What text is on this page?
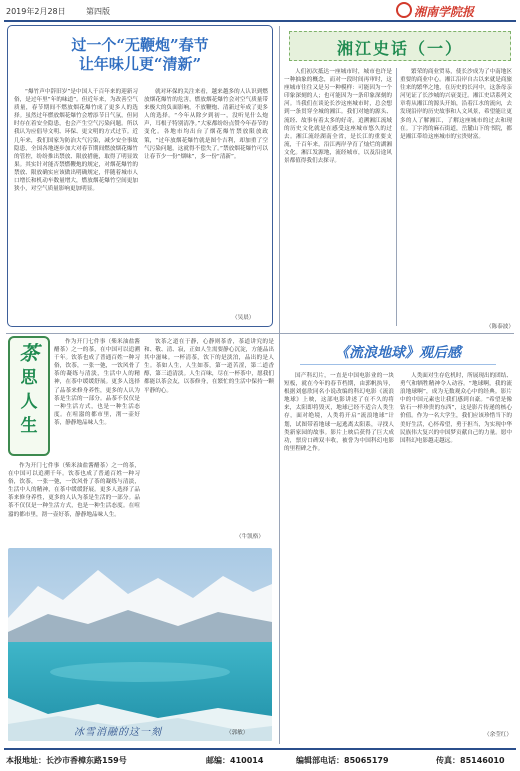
2019年2月28日	第四版	湘南学院报
过一个“无鞭炮”春节
让年味儿更“清新”

“爆竹声中辞旧岁”是中国人千百年来的迎新习俗，是过年里“年的味道”。但近年来，为改善空气质量，春节期间不燃放烟花爆竹成了更多人的选择。虽然过年燃放烟花爆竹会增添节日气氛，但同时存在着安全隐患，也会产生空气污染问题。所以我认为应倡导文明、环保、更文明的方式过节。近几年来，我们国家为防治大气污染，减少安全事故隐患，全国各地逐步加大对春节期间燃放烟花爆竹的管控，纷纷推出禁放、限放措施，取得了明显效果。其实针对能否禁燃鞭炮的规定，对烟花爆竹的禁放、限放确实应该做出明确规定，伴随着城市人口增长和机动车数量增大，燃放烟花爆竹空间更加狭小，对空气质量影响更加明显。

就对环保的关注来看，越来越多的人认识到燃放烟花爆竹的危害，燃放烟花爆竹会对空气质量带来极大的负面影响，不放鞭炮、清新过年成了更多人的选择。“今年从除夕到初一，没听见什么炮声，耳根子特别清净。”大家都纷纷点赞今年春节的变化。各地市均出台了烟花爆竹禁放限放政策，“过年放烟花爆竹就是图个吉利，却加重了空气污染问题，这就得不偿失了。”禁放烟花爆竹可以让春节少一份“烟味”，多一份“清新”。

（吴晨）
湘江史话（一）

人们初次抵达一座城市时，城市也许是一种抽象的概念，而对一段时间再审时，这座城市往往又是另一种模样：可能因为一个印象深刻的人；也可能因为一条印象深刻的河。当我们在谈论长沙这座城市时，总会想到一条贯穿全城的湘江。我们对她的源头、流经、故事有着太多的好奇。追溯湘江流域的历史文化就是在感受这座城市悠久的过去。湘江流经湖南全省，是长江的重要支流，千百年来，沿江两岸孕育了灿烂的湖湘文化。湘江发源地，流经城市，以及沿途风景都值得我们去探寻。

繁荣的商业贸易，使长沙成为了中南地区重要的商业中心。湘江沿岸自古以来就是商旅往来的繁华之地，在历史的长河中，这条母亲河见证了长沙城的兴衰变迁。湘江史话系列文章将从湘江的源头开始，沿着江水的流向，去发现沿岸的历史故事和人文风景，希望能让更多的人了解湘江，了解这座城市的过去和现在。丁字湾的麻石街道，岳麓山下的书院，都是湘江带给这座城市的宝贵财富。

（陈泰波）
茶
思
人
生

作为开门七件事（柴米油盐酱醋茶）之一的茶，在中国可以追溯千年。饮茶也成了普通百姓一种习俗，饮茶，一张一弛，一饮风骨了茶的凝练与清淡，生活中人的精神，在茶中缓缓舒展。更多人选择了品茶来修身养性，更多的人认为茶是生活的一部分。品茶不仅仅是一种生活方式，也是一种生活态度。在喧嚣的都市里，沏一壶好茶，静静地品味人生。

作为开门七件事（柴米油盐酱醋茶）之一的茶，在中国可以追溯千年。饮茶也成了普通百姓一种习俗，饮茶，一张一弛，一饮风骨了茶的凝练与清淡，生活中人的精神，在茶中缓缓舒展。更多人选择了品茶来修身养性，更多的人认为茶是生活的一部分。品茶不仅仅是一种生活方式，也是一种生活态度。在喧嚣的都市里，沏一壶好茶，静静地品味人生。

饮茶之道在于静，心静则茶香，茶道讲究的是和、敬、清、寂，正如人生需要静心沉淀，方能品出其中滋味。一杯清茶，饮下的是淡泊，品出的是人生。茶如人生，人生如茶，第一道苦涩，第二道香醇，第三道清淡。人生百味，尽在一杯茶中，愿我们都能以茶会友，以茶修身，在繁忙的生活中保持一颗平静的心。

（牛凯格）
冰雪消融的这一刻	（郭敏）
《流浪地球》观后感

国产科幻片，一直是中国电影业的一块短板，就在今年的春节档期，由郭帆执导，根据刘慈欣同名小说改编的科幻电影《流浪地球》上映，这部电影讲述了在不久的将来，太阳即将毁灭，地球已经不适合人类生存，面对绝境，人类将开启“流浪地球”计划，试图带着地球一起逃离太阳系，寻找人类新家园的故事。影片上映后获得了巨大成功，票房口碑双丰收，被誉为中国科幻电影的里程碑之作。

人类面对生存危机时，所展现出的团结、勇气和牺牲精神令人动容。“地球啊，我的流浪地球啊”，成为无数观众心中的经典。影片中的中国元素也让我们感到自豪。“希望是像钻石一样珍贵的东西”，这是影片传递的核心价值。作为一名大学生，我们应该珍惜当下的美好生活，心怀希望，勇于担当，为实现中华民族伟大复兴的中国梦贡献自己的力量。愿中国科幻电影越走越远。

（余莹红）
本报地址：长沙市香樟东路159号	邮编：410014	编辑部电话：85065179	传真：85146010
